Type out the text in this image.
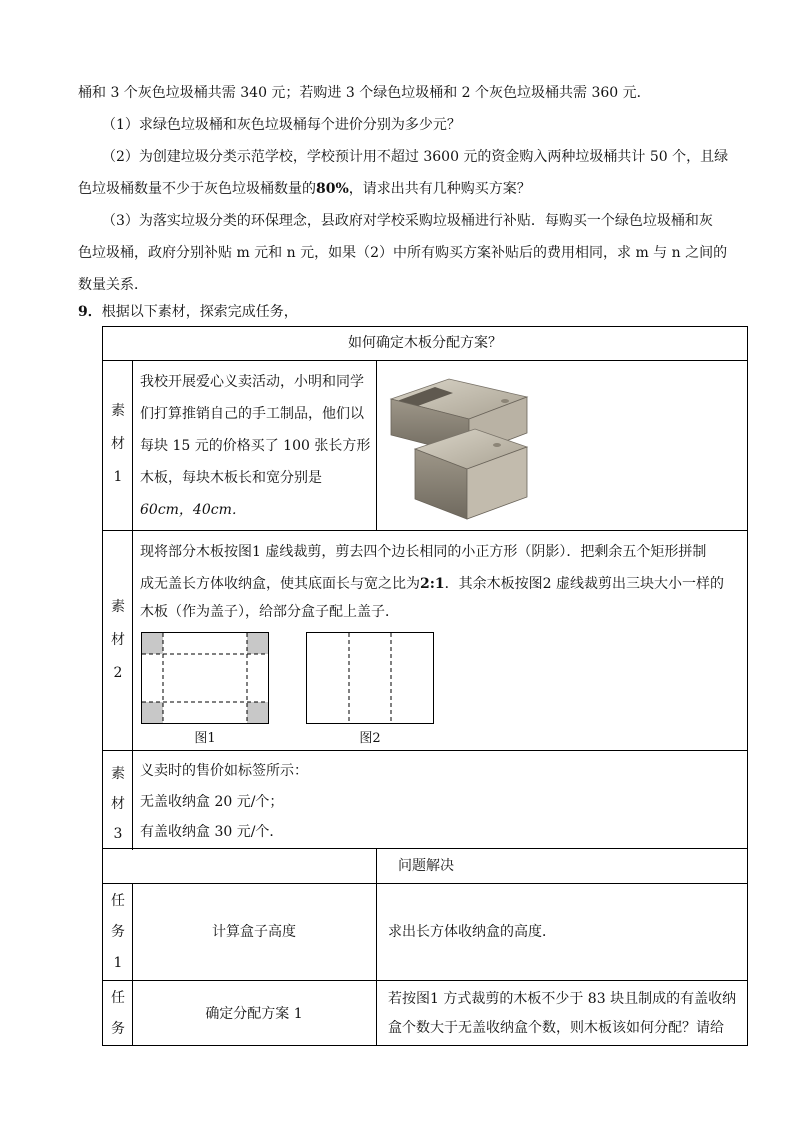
桶和 3 个灰色垃圾桶共需 340 元；若购进 3 个绿色垃圾桶和 2 个灰色垃圾桶共需 360 元．
（1）求绿色垃圾桶和灰色垃圾桶每个进价分别为多少元？
（2）为创建垃圾分类示范学校，学校预计用不超过 3600 元的资金购入两种垃圾桶共计 50 个，且绿
色垃圾桶数量不少于灰色垃圾桶数量的80%，请求出共有几种购买方案？
（3）为落实垃圾分类的环保理念，县政府对学校采购垃圾桶进行补贴．每购买一个绿色垃圾桶和灰
色垃圾桶，政府分别补贴 m 元和 n 元，如果（2）中所有购买方案补贴后的费用相同，求 m 与 n 之间的
数量关系．
9．根据以下素材，探索完成任务，
如何确定木板分配方案？
素
材
1
我校开展爱心义卖活动，小明和同学
们打算推销自己的手工制品，他们以
每块 15 元的价格买了 100 张长方形
木板，每块木板长和宽分别是
60cm，40cm．
素
材
2
现将部分木板按图1 虚线裁剪，剪去四个边长相同的小正方形（阴影）．把剩余五个矩形拼制
成无盖长方体收纳盒，使其底面长与宽之比为2:1．其余木板按图2 虚线裁剪出三块大小一样的
木板（作为盖子），给部分盒子配上盖子．
图1	图2
素
材
3
义卖时的售价如标签所示：
无盖收纳盒 20 元/个；
有盖收纳盒 30 元/个．
问题解决
任
务
1
计算盒子高度	求出长方体收纳盒的高度．
任
务
确定分配方案 1
若按图1 方式裁剪的木板不少于 83 块且制成的有盖收纳
盒个数大于无盖收纳盒个数，则木板该如何分配？请给
